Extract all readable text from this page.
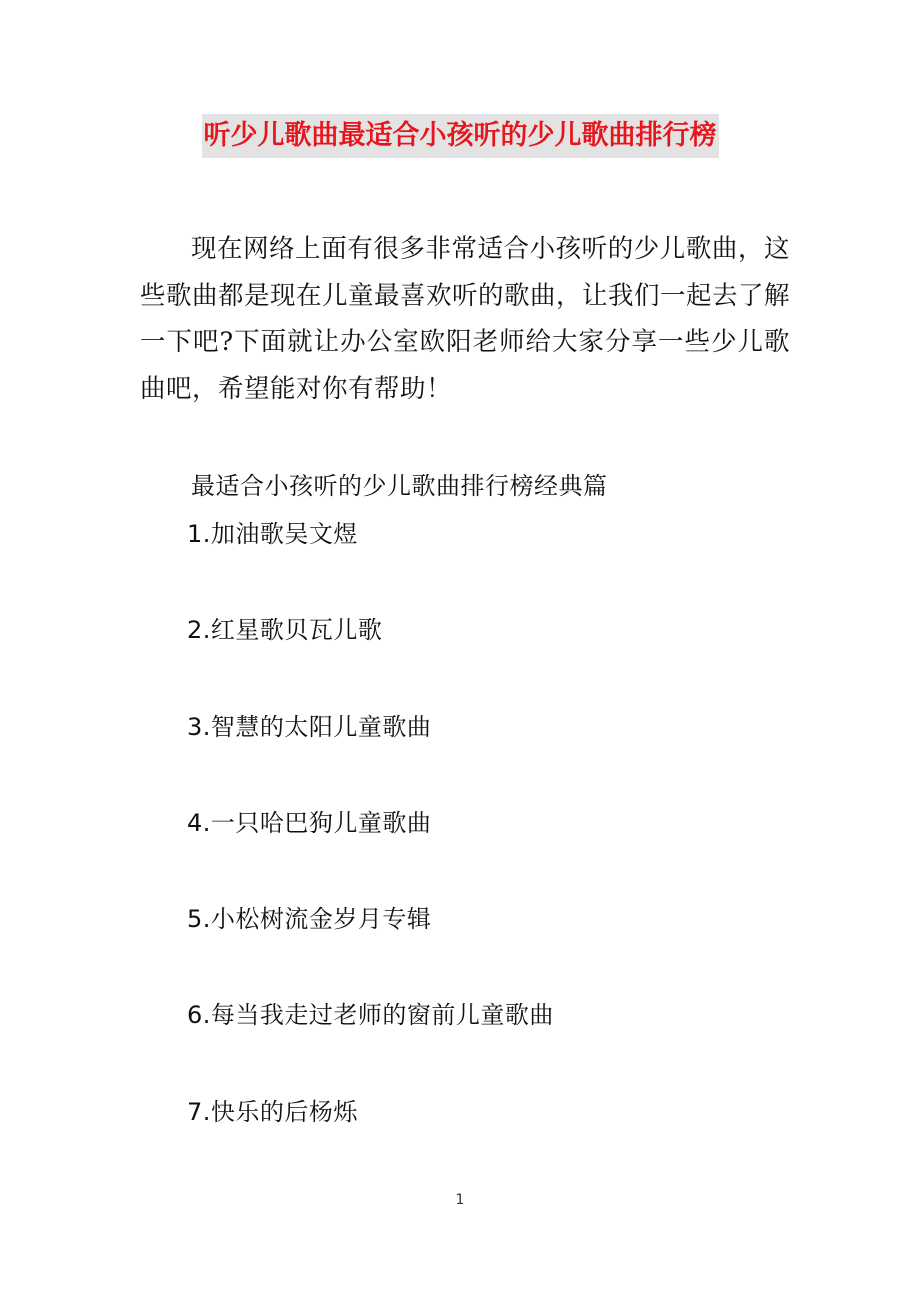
听少儿歌曲最适合小孩听的少儿歌曲排行榜

现在网络上面有很多非常适合小孩听的少儿歌曲，这些歌曲都是现在儿童最喜欢听的歌曲，让我们一起去了解一下吧?下面就让办公室欧阳老师给大家分享一些少儿歌曲吧，希望能对你有帮助！

最适合小孩听的少儿歌曲排行榜经典篇

1.加油歌吴文煜
2.红星歌贝瓦儿歌
3.智慧的太阳儿童歌曲
4.一只哈巴狗儿童歌曲
5.小松树流金岁月专辑
6.每当我走过老师的窗前儿童歌曲
7.快乐的后杨烁
1
